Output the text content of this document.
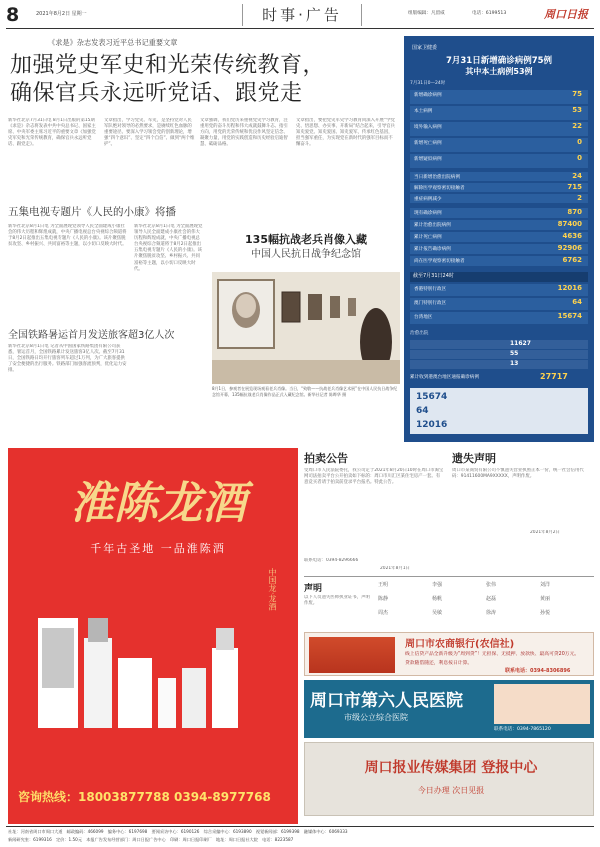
8	2021年8月2日 星期一	时事·广告	组版编辑：凡留威	电话：6199513	周口日报
《求是》杂志发表习近平总书记重要文章
加强党史军史和光荣传统教育，
确保官兵永远听党话、跟党走
新华社北京7月31日电 8月1日出版的第15期《求是》杂志将发表中共中央总书记、国家主席、中央军委主席习近平的重要文章《加强党史军史和光荣传统教育，确保官兵永远听党话、跟党走》。
文章指出，学习党史、军史，是坚持党对人民军队绝对领导的必然要求，是赓续红色血脉的重要途径。要深入学习领会党的创新理论，增强“四个意识”、坚定“四个自信”、做到“两个维护”。
文章强调，我们党历来重视党史学习教育，注重用党的奋斗历程和伟大成就鼓舞斗志、指引方向，用党的光荣传统和优良作风坚定信念、凝聚力量，用党的实践创造和历史经验启迪智慧、砥砺品格。
文章指出，要把党史军史学习教育同深入开展“学党史、悟思想、办实事、开新局”结合起来，引导官兵知史爱党、知史爱国、知史爱军，传承红色基因，担当强军重任，为实现党在新时代的强军目标而不懈奋斗。
五集电视专题片《人民的小康》将播
新华社北京8月1日电 为全面展现党领导人民全面建成小康社会的伟大历程和辉煌成就，中央广播电视总台央视综合频道将于8月2日起推出五集电视专题片《人民的小康》。该片聚焦脱贫攻坚、乡村振兴、共同富裕等主题，以小切口反映大时代。
全国铁路暑运首月发送旅客超3亿人次
新华社北京8月1日电 记者从中国国家铁路集团有限公司获悉，暑运首月，全国铁路累计发送旅客3亿人次。截至7月31日，全国铁路日均开行旅客列车超过1万列，为广大旅客提供了安全便捷的出行服务。铁路部门加强客流预判，优化运力安排。
新华社北京8月1日电 为全面展现党领导人民全面建成小康社会的伟大历程和辉煌成就，中央广播电视总台央视综合频道将于8月2日起推出五集电视专题片《人民的小康》。该片聚焦脱贫攻坚、乡村振兴、共同富裕等主题，以小切口反映大时代。
135幅抗战老兵肖像入藏
中国人民抗日战争纪念馆
8月1日，参观者在展览现场观看老兵肖像。当日，“致敬——抗战老兵肖像艺术展”在中国人民抗日战争纪念馆开幕，135幅抗战老兵肖像作品正式入藏纪念馆。新华社记者 陈晔华 摄
国家卫健委
7月31日新增确诊病例75例
其中本土病例53例
7月31日0—24时
新增确诊病例	75
本土病例	53
境外输入病例	22
新增死亡病例	0
新增疑似病例	0
当日新增治愈出院病例	24
解除医学观察密切接触者	715
重症病例减少	2
现有确诊病例	870
累计治愈出院病例	87400
累计死亡病例	4636
累计报告确诊病例	92906
尚在医学观察密切接触者	6762
截至7月31日24时
香港特别行政区	12016
澳门特别行政区	64
台湾地区	15674
治愈出院
11627
55
13
累计收到港澳台地区通报确诊病例	27717
15674
64
12016
淮陈龙酒
千年古圣地 一品淮陈酒
中国龙·龙酒
咨询热线：18003877788 0394-8977768
拍卖公告
受周口市人民法院委托，我公司定于2021年8月20日10时在周口市淘宝网司法拍卖平台公开拍卖如下标的：周口市川汇区某住宅房产一套。有意竞买者请于拍卖前登录平台报名。特此公告。
联系电话：0394-8296666
2021年8月1日
遗失声明
周口市某商贸有限公司不慎遗失营业执照正本一份，统一社会信用代码：91411600MA9XXXXX，声明作废。
2021年8月2日
声明
以下人员遗失医师执业证书，声明作废。
王明	李强	张伟	刘洋
陈静	杨帆	赵磊	黄丽
周杰	吴敏	徐涛	孙悦
周口市农商银行(农信社)
线上信贷产品全新升级为“周到贷”！无担保、无抵押、放款快、最高可贷20万元。
贷款随借随还，利息按日计算。
联系电话：0394-8306896
周口市第六人民医院
市级公立综合医院
联系电话：0394-7865120
周口报业传媒集团 登报中心
今日办理 次日见报
社址：河南省周口市周口大道　邮政编码：466099　编务中心：6197698　要闻采访中心：6190126　综合采编中心：6193890　视觉新闻部：6199398　融媒体中心：6069333
新闻研究室：6199316　定价：1.50元　本报广告发布经营部门：周口日报广告中心　印刷：周口日报印刷厂　地址：周口日报社大院　电话：8223587
